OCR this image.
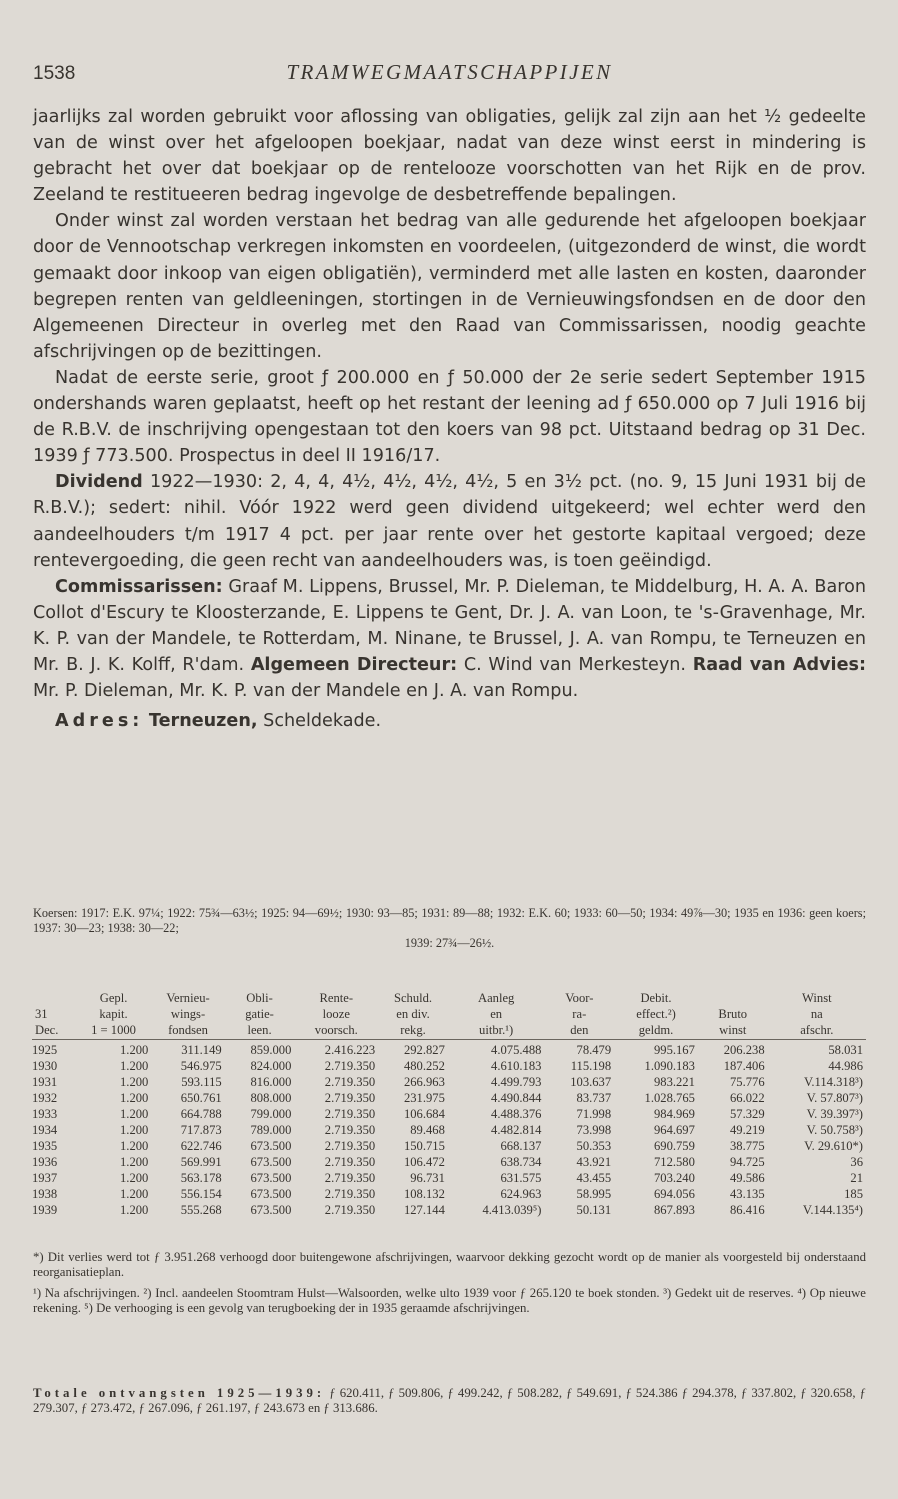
1538	TRAMWEGMAATSCHAPPIJEN

jaarlijks zal worden gebruikt voor aflossing van obligaties, gelijk zal zijn aan het ½ gedeelte van de winst over het afgeloopen boekjaar, nadat van deze winst eerst in mindering is gebracht het over dat boekjaar op de rentelooze voorschotten van het Rijk en de prov. Zeeland te restitueeren bedrag ingevolge de desbetreffende bepalingen.

Onder winst zal worden verstaan het bedrag van alle gedurende het afgeloopen boekjaar door de Vennootschap verkregen inkomsten en voordeelen, (uitgezonderd de winst, die wordt gemaakt door inkoop van eigen obligatiën), verminderd met alle lasten en kosten, daaronder begrepen renten van geldleeningen, stortingen in de Vernieuwingsfondsen en de door den Algemeenen Directeur in overleg met den Raad van Commissarissen, noodig geachte afschrijvingen op de bezittingen.

Nadat de eerste serie, groot ƒ 200.000 en ƒ 50.000 der 2e serie sedert September 1915 ondershands waren geplaatst, heeft op het restant der leening ad ƒ 650.000 op 7 Juli 1916 bij de R.B.V. de inschrijving opengestaan tot den koers van 98 pct. Uitstaand bedrag op 31 Dec. 1939 ƒ 773.500. Prospectus in deel II 1916/17.

Dividend 1922—1930: 2, 4, 4, 4½, 4½, 4½, 4½, 5 en 3½ pct. (no. 9, 15 Juni 1931 bij de R.B.V.); sedert: nihil. Vóór 1922 werd geen dividend uitgekeerd; wel echter werd den aandeelhouders t/m 1917 4 pct. per jaar rente over het gestorte kapitaal vergoed; deze rentevergoeding, die geen recht van aandeelhouders was, is toen geëindigd.

Commissarissen: Graaf M. Lippens, Brussel, Mr. P. Dieleman, te Middelburg, H. A. A. Baron Collot d'Escury te Kloosterzande, E. Lippens te Gent, Dr. J. A. van Loon, te 's-Gravenhage, Mr. K. P. van der Mandele, te Rotterdam, M. Ninane, te Brussel, J. A. van Rompu, te Terneuzen en Mr. B. J. K. Kolff, R'dam. Algemeen Directeur: C. Wind van Merkesteyn. Raad van Advies: Mr. P. Dieleman, Mr. K. P. van der Mandele en J. A. van Rompu.

Adres: Terneuzen, Scheldekade.

Koersen: 1917: E.K. 97¼; 1922: 75¾—63½; 1925: 94—69½; 1930: 93—85; 1931: 89—88; 1932: E.K. 60; 1933: 60—50; 1934: 49⅞—30; 1935 en 1936: geen koers; 1937: 30—23; 1938: 30—22;
1939: 27¾—26½.
	Gepl.	Vernieu-	Obli-	Rente-	Schuld.	Aanleg	Voor-	Debit.		Winst
31	kapit.	wings-	gatie-	looze	en div.	en	ra-	effect.²)	Bruto	na
Dec.	1 = 1000	fondsen	leen.	voorsch.	rekg.	uitbr.¹)	den	geldm.	winst	afschr.
1925	1.200	311.149	859.000	2.416.223	292.827	4.075.488	78.479	995.167	206.238	58.031
1930	1.200	546.975	824.000	2.719.350	480.252	4.610.183	115.198	1.090.183	187.406	44.986
1931	1.200	593.115	816.000	2.719.350	266.963	4.499.793	103.637	983.221	75.776	V.114.318³)
1932	1.200	650.761	808.000	2.719.350	231.975	4.490.844	83.737	1.028.765	66.022	V. 57.807³)
1933	1.200	664.788	799.000	2.719.350	106.684	4.488.376	71.998	984.969	57.329	V. 39.397³)
1934	1.200	717.873	789.000	2.719.350	89.468	4.482.814	73.998	964.697	49.219	V. 50.758³)
1935	1.200	622.746	673.500	2.719.350	150.715	668.137	50.353	690.759	38.775	V. 29.610*)
1936	1.200	569.991	673.500	2.719.350	106.472	638.734	43.921	712.580	94.725	36
1937	1.200	563.178	673.500	2.719.350	96.731	631.575	43.455	703.240	49.586	21
1938	1.200	556.154	673.500	2.719.350	108.132	624.963	58.995	694.056	43.135	185
1939	1.200	555.268	673.500	2.719.350	127.144	4.413.039⁵)	50.131	867.893	86.416	V.144.135⁴)

*) Dit verlies werd tot ƒ 3.951.268 verhoogd door buitengewone afschrijvingen, waarvoor dekking gezocht wordt op de manier als voorgesteld bij onderstaand reorganisatieplan.

¹) Na afschrijvingen. ²) Incl. aandeelen Stoomtram Hulst—Walsoorden, welke ulto 1939 voor ƒ 265.120 te boek stonden. ³) Gedekt uit de reserves. ⁴) Op nieuwe rekening. ⁵) De verhooging is een gevolg van terugboeking der in 1935 geraamde afschrijvingen.

Totale ontvangsten 1925—1939: ƒ 620.411, ƒ 509.806, ƒ 499.242, ƒ 508.282, ƒ 549.691, ƒ 524.386 ƒ 294.378, ƒ 337.802, ƒ 320.658, ƒ 279.307, ƒ 273.472, ƒ 267.096, ƒ 261.197, ƒ 243.673 en ƒ 313.686.
